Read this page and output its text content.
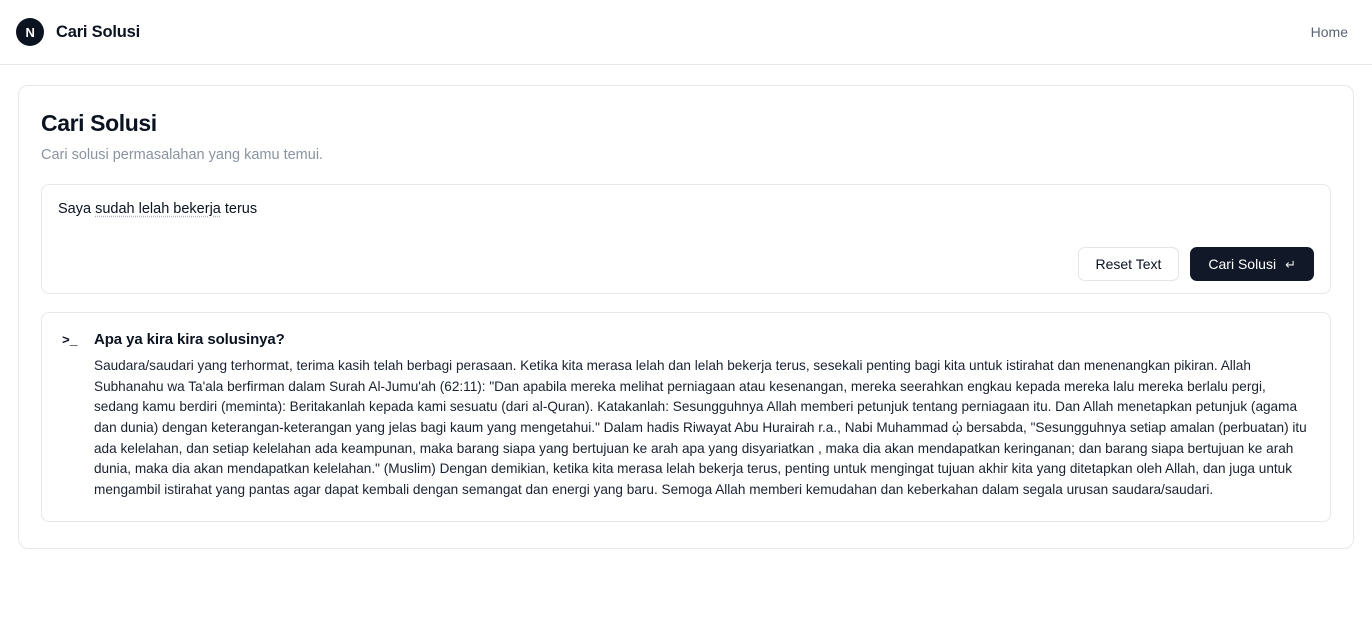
N	Cari Solusi	Home
Cari Solusi

Cari solusi permasalahan yang kamu temui.

Saya sudah lelah bekerja terus
Reset Text	Cari Solusi ↵
>_ Apa ya kira kira solusinya?

Saudara/saudari yang terhormat, terima kasih telah berbagi perasaan. Ketika kita merasa lelah dan lelah bekerja terus, sesekali penting bagi kita untuk istirahat dan menenangkan pikiran. Allah Subhanahu wa Ta'ala berfirman dalam Surah Al-Jumu'ah (62:11): "Dan apabila mereka melihat perniagaan atau kesenangan, mereka seerahkan engkau kepada mereka lalu mereka berlalu pergi, sedang kamu berdiri (meminta): Beritakanlah kepada kami sesuatu (dari al-Quran). Katakanlah: Sesungguhnya Allah memberi petunjuk tentang perniagaan itu. Dan Allah menetapkan petunjuk (agama dan dunia) dengan keterangan-keterangan yang jelas bagi kaum yang mengetahui." Dalam hadis Riwayat Abu Hurairah r.a., Nabi Muhammad ᾠ bersabda, "Sesungguhnya setiap amalan (perbuatan) itu ada kelelahan, dan setiap kelelahan ada keampunan, maka barang siapa yang bertujuan ke arah apa yang disyariatkan , maka dia akan mendapatkan keringanan; dan barang siapa bertujuan ke arah dunia, maka dia akan mendapatkan kelelahan." (Muslim) Dengan demikian, ketika kita merasa lelah bekerja terus, penting untuk mengingat tujuan akhir kita yang ditetapkan oleh Allah, dan juga untuk mengambil istirahat yang pantas agar dapat kembali dengan semangat dan energi yang baru. Semoga Allah memberi kemudahan dan keberkahan dalam segala urusan saudara/saudari.
